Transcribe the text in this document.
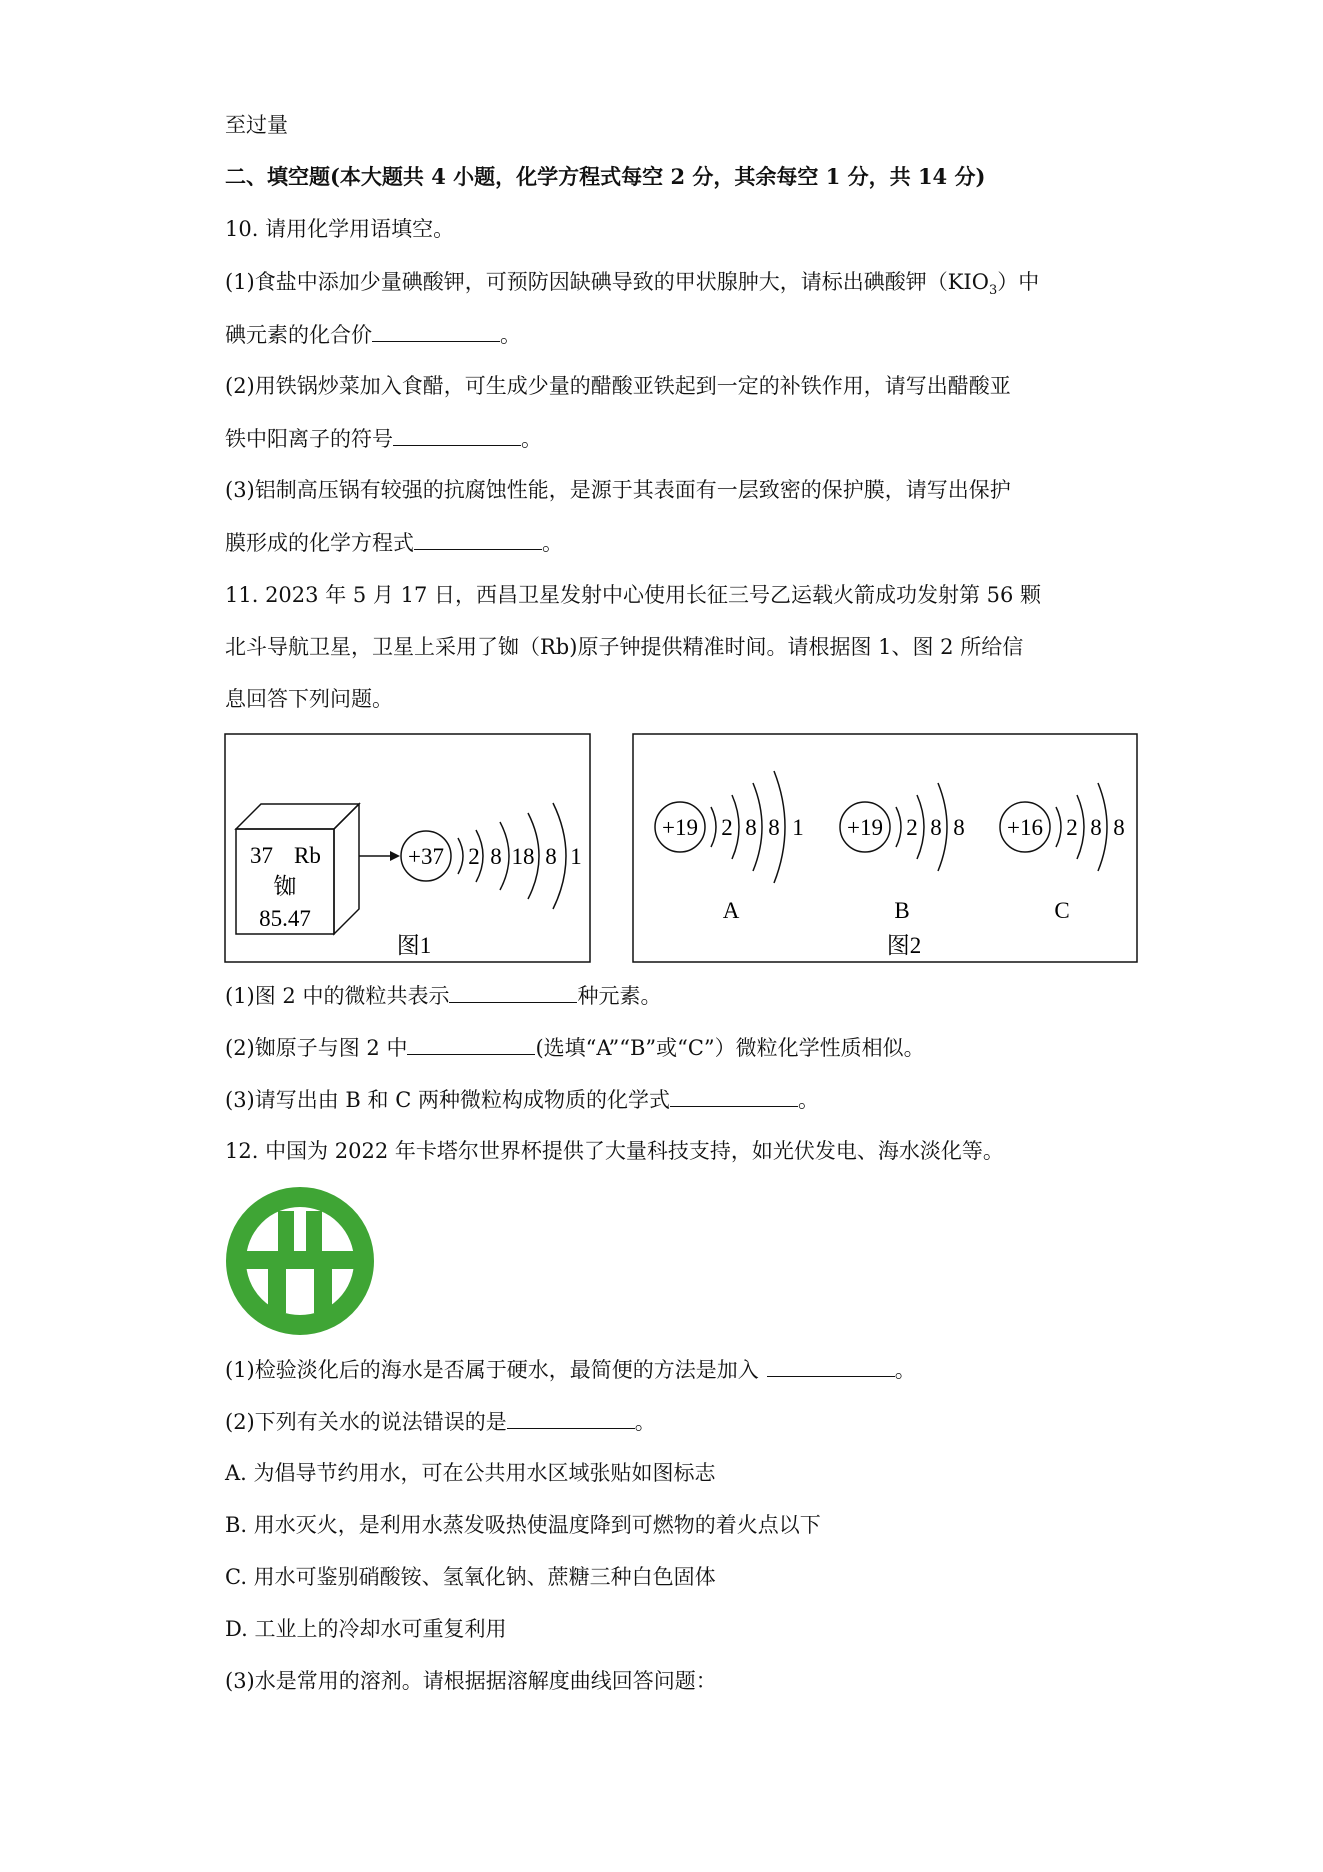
至过量
二、填空题(本大题共 4 小题，化学方程式每空 2 分，其余每空 1 分，共 14 分)
10. 请用化学用语填空。
(1)食盐中添加少量碘酸钾，可预防因缺碘导致的甲状腺肿大，请标出碘酸钾$(KIO_3)$中
碘元素的化合价	。
(2)用铁锅炒菜加入食醋，可生成少量的醋酸亚铁起到一定的补铁作用，请写出醋酸亚
铁中阳离子的符号	。
(3)铝制高压锅有较强的抗腐蚀性能，是源于其表面有一层致密的保护膜，请写出保护
膜形成的化学方程式	。
11. 2023 年 5 月 17 日，西昌卫星发射中心使用长征三号乙运载火箭成功发射第 56 颗
北斗导航卫星，卫星上采用了铷（Rb)原子钟提供精准时间。请根据图 1、图 2 所给信
息回答下列问题。
37 Rb
铷
85.47
+37 2 8 18 8 1
图1
+19 2 8 8 1
A
+19 2 8 8
B
+16 2 8 8
C
图2
(1)图 2 中的微粒共表示	种元素。
(2)铷原子与图 2 中	(选填“A”“B”或“C”）微粒化学性质相似。
(3)请写出由 B 和 C 两种微粒构成物质的化学式	。
12. 中国为 2022 年卡塔尔世界杯提供了大量科技支持，如光伏发电、海水淡化等。
(1)检验淡化后的海水是否属于硬水，最简便的方法是加入	。
(2)下列有关水的说法错误的是	。
A. 为倡导节约用水，可在公共用水区域张贴如图标志
B. 用水灭火，是利用水蒸发吸热使温度降到可燃物的着火点以下
C. 用水可鉴别硝酸铵、氢氧化钠、蔗糖三种白色固体
D. 工业上的冷却水可重复利用
(3)水是常用的溶剂。请根据据溶解度曲线回答问题：
